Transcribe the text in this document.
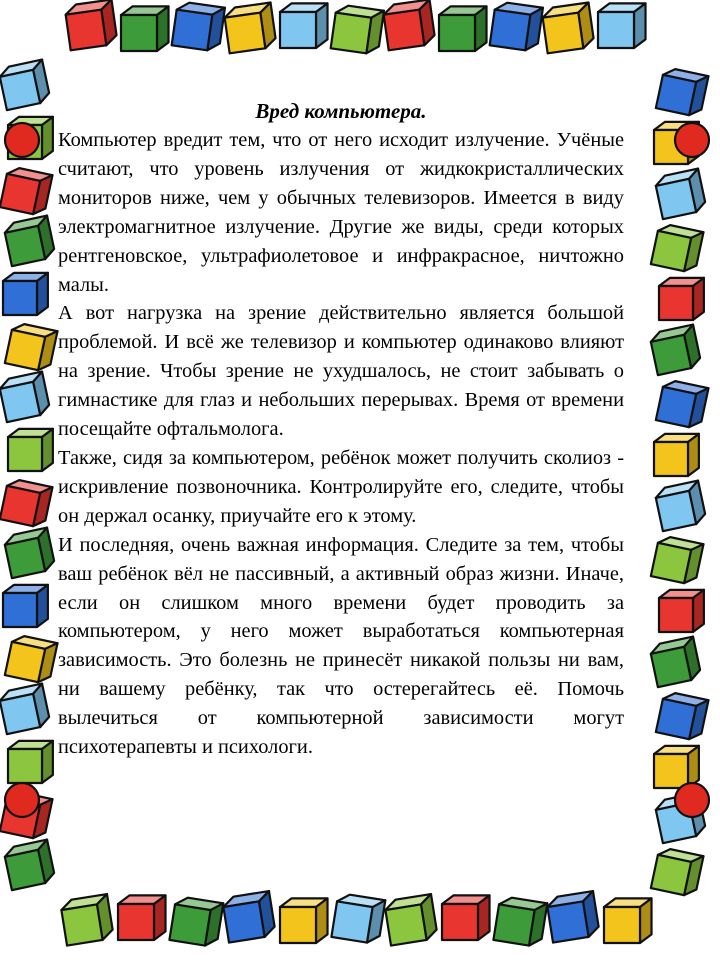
Вред компьютера.

Компьютер вредит тем, что от него исходит излучение. Учёные считают, что уровень излучения от жидкокристаллических мониторов ниже, чем у обычных телевизоров. Имеется в виду электромагнитное излучение. Другие же виды, среди которых рентгеновское, ультрафиолетовое и инфракрасное, ничтожно малы.

А вот нагрузка на зрение действительно является большой проблемой. И всё же телевизор и компьютер одинаково влияют на зрение. Чтобы зрение не ухудшалось, не стоит забывать о гимнастике для глаз и небольших перерывах. Время от времени посещайте офтальмолога.

Также, сидя за компьютером, ребёнок может получить сколиоз - искривление позвоночника. Контролируйте его, следите, чтобы он держал осанку, приучайте его к этому.

И последняя, очень важная информация. Следите за тем, чтобы ваш ребёнок вёл не пассивный, а активный образ жизни. Иначе, если он слишком много времени будет проводить за компьютером, у него может выработаться компьютерная зависимость. Это болезнь не принесёт никакой пользы ни вам, ни вашему ребёнку, так что остерегайтесь её. Помочь вылечиться от компьютерной зависимости могут психотерапевты и психологи.
